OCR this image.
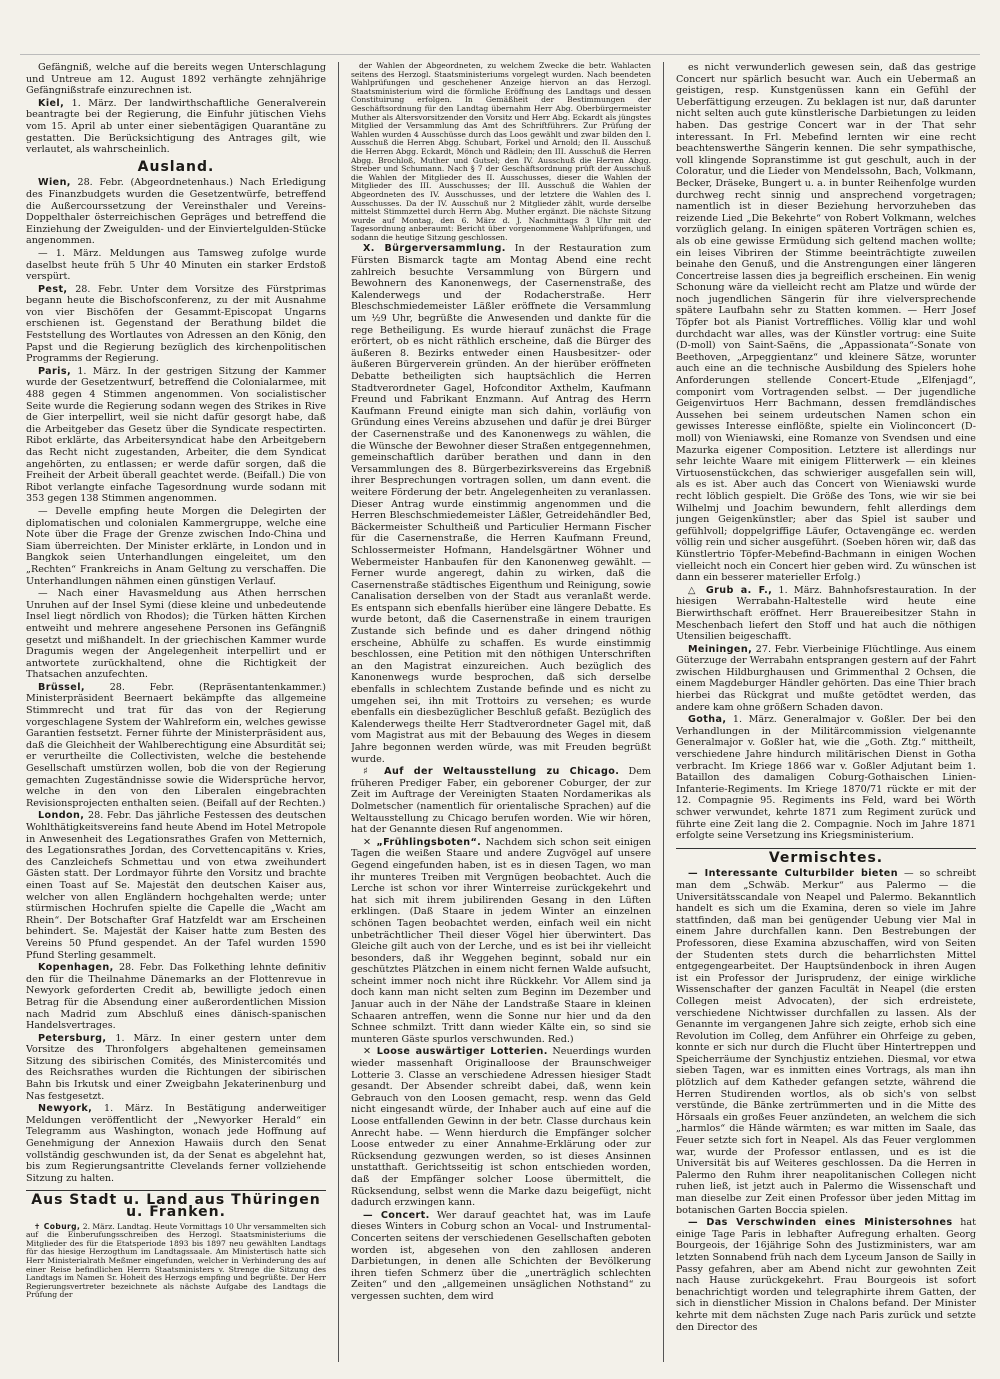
Gefängniß, welche auf die bereits wegen Unterschlagung und Untreue am 12. August 1892 verhängte zehnjährige Gefängnißstrafe einzurechnen ist.

Kiel, 1. März. Der landwirthschaftliche Generalverein beantragte bei der Regierung, die Einfuhr jütischen Viehs vom 15. April ab unter einer siebentägigen Quarantäne zu gestatten. Die Berücksichtigung des Antrages gilt, wie verlautet, als wahrscheinlich.

Ausland.

Wien, 28. Febr. (Abgeordnetenhaus.) Nach Erledigung des Finanzbudgets wurden die Gesetzentwürfe, betreffend die Außercourssetzung der Vereinsthaler und Vereins-Doppelthaler österreichischen Gepräges und betreffend die Einziehung der Zweigulden- und der Einviertelgulden-Stücke angenommen.

— 1. März. Meldungen aus Tamsweg zufolge wurde daselbst heute früh 5 Uhr 40 Minuten ein starker Erdstoß verspürt.

Pest, 28. Febr. Unter dem Vorsitze des Fürstprimas begann heute die Bischofsconferenz, zu der mit Ausnahme von vier Bischöfen der Gesammt-Episcopat Ungarns erschienen ist. Gegenstand der Berathung bildet die Feststellung des Wortlautes von Adressen an den König, den Papst und die Regierung bezüglich des kirchenpolitischen Programms der Regierung.

Paris, 1. März. In der gestrigen Sitzung der Kammer wurde der Gesetzentwurf, betreffend die Colonialarmee, mit 488 gegen 4 Stimmen angenommen. Von socialistischer Seite wurde die Regierung sodann wegen des Strikes in Rive de Gier interpellirt, weil sie nicht dafür gesorgt habe, daß die Arbeitgeber das Gesetz über die Syndicate respectirten. Ribot erklärte, das Arbeitersyndicat habe den Arbeitgebern das Recht nicht zugestanden, Arbeiter, die dem Syndicat angehörten, zu entlassen; er werde dafür sorgen, daß die Freiheit der Arbeit überall geachtet werde. (Beifall.) Die von Ribot verlangte einfache Tagesordnung wurde sodann mit 353 gegen 138 Stimmen angenommen.

— Develle empfing heute Morgen die Delegirten der diplomatischen und colonialen Kammergruppe, welche eine Note über die Frage der Grenze zwischen Indo-China und Siam überreichten. Der Minister erklärte, in London und in Bangkok seien Unterhandlungen eingeleitet, um den „Rechten“ Frankreichs in Anam Geltung zu verschaffen. Die Unterhandlungen nähmen einen günstigen Verlauf.

— Nach einer Havasmeldung aus Athen herrschen Unruhen auf der Insel Symi (diese kleine und unbedeutende Insel liegt nördlich von Rhodos); die Türken hätten Kirchen entweiht und mehrere angesehene Personen ins Gefängniß gesetzt und mißhandelt. In der griechischen Kammer wurde Dragumis wegen der Angelegenheit interpellirt und er antwortete zurückhaltend, ohne die Richtigkeit der Thatsachen anzufechten.

Brüssel,	28. Febr. (Repräsentantenkammer.) Ministerpräsident Beernaert bekämpfte das allgemeine Stimmrecht und trat für das von der Regierung vorgeschlagene System der Wahlreform ein, welches gewisse Garantien festsetzt. Ferner führte der Ministerpräsident aus, daß die Gleichheit der Wahlberechtigung eine Absurdität sei; er verurtheilte die Collectivisten, welche die bestehende Gesellschaft umstürzen wollen, bob die von der Regierung gemachten Zugeständnisse sowie die Widersprüche hervor, welche in den von den Liberalen eingebrachten Revisionsprojecten enthalten seien. (Beifall auf der Rechten.)

London, 28. Febr. Das jährliche Festessen des deutschen Wohlthätigkeitsvereins fand heute Abend im Hotel Metropole in Anwesenheit des Legationsrathes Grafen von Metternich, des Legationsrathes Jordan, des Corvettencapitäns v. Kries, des Canzleichefs Schmettau und von etwa zweihundert Gästen statt. Der Lordmayor führte den Vorsitz und brachte einen Toast auf Se. Majestät den deutschen Kaiser aus, welcher von allen Engländern hochgehalten werde; unter stürmischen Hochrufen spielte die Capelle die „Wacht am Rhein“. Der Botschafter Graf Hatzfeldt war am Erscheinen behindert. Se. Majestät der Kaiser hatte zum Besten des Vereins 50 Pfund gespendet. An der Tafel wurden 1590 Pfund Sterling gesammelt.

Kopenhagen, 28. Febr. Das Folkething lehnte definitiv den für die Theilnahme Dänemarks an der Flottenrevue in Newyork geforderten Credit ab, bewilligte jedoch einen Betrag für die Absendung einer außerordentlichen Mission nach Madrid zum Abschluß eines dänisch-spanischen Handelsvertrages.

Petersburg, 1. März. In einer gestern unter dem Vorsitze des Thronfolgers abgehaltenen gemeinsamen Sitzung des sibirischen Comités, des Ministercomités und des Reichsrathes wurden die Richtungen der sibirischen Bahn bis Irkutsk und einer Zweigbahn Jekaterinenburg und Nas festgesetzt.

Newyork, 1. März. In Bestätigung anderweitiger Meldungen veröffentlicht der „Newyorker Herald“ ein Telegramm aus Washington, wonach jede Hoffnung auf Genehmigung der Annexion Hawaiis durch den Senat vollständig geschwunden ist, da der Senat es abgelehnt hat, bis zum Regierungsantritte Clevelands ferner vollziehende Sitzung zu halten.

Aus Stadt u. Land aus Thüringen u. Franken.

✝ Coburg, 2. März. Landtag. Heute Vormittags 10 Uhr versammelten sich auf die Einberufungsschreiben des Herzogl. Staatsministeriums die Mitglieder des für die Etatsperiode 1893 bis 1897 neu gewählten Landtags für das hiesige Herzogthum im Landtagssaale. Am Ministertisch hatte sich Herr Ministerialrath Meßmer eingefunden, welcher in Verhinderung des auf einer Reise befindlichen Herrn Staatsministers v. Strenge die Sitzung des Landtags im Namen Sr. Hoheit des Herzogs empfing und begrüßte. Der Herr Regierungsvertreter bezeichnete als nächste Aufgabe des Landtags die Prüfung der

der Wahlen der Abgeordneten, zu welchem Zwecke die betr. Wahlacten seitens des Herzogl. Staatsministeriums vorgelegt wurden. Nach beendeten Wahlprüfungen und geschehener Anzeige hiervon an das Herzogl. Staatsministerium wird die förmliche Eröffnung des Landtags und dessen Constituirung erfolgen. In Gemäßheit der Bestimmungen der Geschäftsordnung für den Landtag übernahm Herr Abg. Oberbürgermeister Muther als Altersvorsitzender den Vorsitz und Herr Abg. Eckardt als jüngstes Mitglied der Versammlung das Amt des Schriftführers. Zur Prüfung der Wahlen wurden 4 Ausschüsse durch das Loos gewählt und zwar bilden den I. Ausschuß die Herren Abgg. Schubart, Forkel und Arnold; den II. Ausschuß die Herren Abgg. Eckardt, Mönch und Rädlein; den III. Ausschuß die Herren Abgg. Brochloß, Muther und Gutsel; den IV. Ausschuß die Herren Abgg. Streber und Schumann. Nach § 7 der Geschäftsordnung prüft der Ausschuß die Wahlen der Mitglieder des II. Ausschusses, dieser die Wahlen der Mitglieder des III. Ausschusses; der III. Ausschuß die Wahlen der Abgeordneten des IV. Ausschusses, und der letztere die Wahlen des I. Ausschusses. Da der IV. Ausschuß nur 2 Mitglieder zählt, wurde derselbe mittelst Stimmzettel durch Herrn Abg. Muther ergänzt. Die nächste Sitzung wurde auf Montag, den 6. März d. J. Nachmittags 3 Uhr mit der Tagesordnung anberaumt: Bericht über vorgenommene Wahlprüfungen, und sodann die heutige Sitzung geschlossen.

X. Bürgerversammlung. In der Restauration zum Fürsten Bismarck tagte am Montag Abend eine recht zahlreich besuchte Versammlung von Bürgern und Bewohnern des Kanonenwegs, der Casernenstraße, des Kalenderwegs und der Rodacherstraße. Herr Bleschschmiedemeister Läßler eröffnete die Versammlung um ½9 Uhr, begrüßte die Anwesenden und dankte für die rege Betheiligung. Es wurde hierauf zunächst die Frage erörtert, ob es nicht räthlich erscheine, daß die Bürger des äußeren 8. Bezirks entweder einen Hausbesitzer- oder äußeren Bürgerverein gründen. An der hierüber eröffneten Debatte betheiligten sich hauptsächlich die Herren Stadtverordneter Gagel, Hofconditor Axthelm, Kaufmann Freund und Fabrikant Enzmann. Auf Antrag des Herrn Kaufmann Freund einigte man sich dahin, vorläufig von Gründung eines Vereins abzusehen und dafür je drei Bürger der Casernenstraße und des Kanonenwegs zu wählen, die die Wünsche der Bewohner dieser Straßen entgegennehmen, gemeinschaftlich darüber berathen und dann in den Versammlungen des 8. Bürgerbezirksvereins das Ergebniß ihrer Besprechungen vortragen sollen, um dann event. die weitere Förderung der betr. Angelegenheiten zu veranlassen. Dieser Antrag wurde einstimmig angenommen und die Herren Bleschschmiedemeister Läßler, Getreidehändler Bed, Bäckermeister Schultheiß und Particulier Hermann Fischer für die Casernenstraße, die Herren Kaufmann Freund, Schlossermeister Hofmann, Handelsgärtner Wöhner und Webermeister Hanbaufen für den Kanonenweg gewählt. — Ferner wurde angeregt, dahin zu wirken, daß die Casernenstraße städtisches Eigenthum und Reinigung, sowie Canalisation derselben von der Stadt aus veranlaßt werde. Es entspann sich ebenfalls hierüber eine längere Debatte. Es wurde betont, daß die Casernenstraße in einem traurigen Zustande sich befinde und es daher dringend nöthig erscheine, Abhülfe zu schaffen. Es wurde einstimmig beschlossen, eine Petition mit den nöthigen Unterschriften an den Magistrat einzureichen. Auch bezüglich des Kanonenwegs wurde besprochen, daß sich derselbe ebenfalls in schlechtem Zustande befinde und es nicht zu umgehen sei, ihn mit Trottoirs zu versehen; es wurde ebenfalls ein diesbezüglicher Beschluß gefaßt. Bezüglich des Kalenderwegs theilte Herr Stadtverordneter Gagel mit, daß vom Magistrat aus mit der Bebauung des Weges in diesem Jahre begonnen werden würde, was mit Freuden begrüßt wurde.

♯ Auf der Weltausstellung zu Chicago. Dem früheren Prediger Faber, ein geborener Coburger, der zur Zeit im Auftrage der Vereinigten Staaten Nordamerikas als Dolmetscher (namentlich für orientalische Sprachen) auf die Weltausstellung zu Chicago berufen worden. Wie wir hören, hat der Genannte diesen Ruf angenommen.

✕ „Frühlingsboten“. Nachdem sich schon seit einigen Tagen die weißen Staare und andere Zugvögel auf unsere Gegend eingefunden haben, ist es in diesen Tagen, wo man ihr munteres Treiben mit Vergnügen beobachtet. Auch die Lerche ist schon vor ihrer Winterreise zurückgekehrt und hat sich mit ihrem jubilirenden Gesang in den Lüften erklingen. (Daß Staare in jedem Winter an einzelnen schönen Tagen beobachtet werden, einfach weil ein nicht unbeträchtlicher Theil dieser Vögel hier überwintert. Das Gleiche gilt auch von der Lerche, und es ist bei ihr vielleicht besonders, daß ihr Weggehen beginnt, sobald nur ein geschütztes Plätzchen in einem nicht fernen Walde aufsucht, scheint immer noch nicht ihre Rückkehr. Vor Allem sind ja doch kann man nicht selten zum Beginn im Dezember und Januar auch in der Nähe der Landstraße Staare in kleinen Schaaren antreffen, wenn die Sonne nur hier und da den Schnee schmilzt. Tritt dann wieder Kälte ein, so sind sie munteren Gäste spurlos verschwunden. Red.)

✕ Loose auswärtiger Lotterien. Neuerdings wurden wieder massenhaft Originalloose der Braunschweiger Lotterie 3. Classe an verschiedene Adressen hiesiger Stadt gesandt. Der Absender schreibt dabei, daß, wenn kein Gebrauch von den Loosen gemacht, resp. wenn das Geld nicht eingesandt würde, der Inhaber auch auf eine auf die Loose entfallenden Gewinn in der betr. Classe durchaus kein Anrecht habe. — Wenn hierdurch die Empfänger solcher Loose entweder zu einer Annahme-Erklärung oder zur Rücksendung gezwungen werden, so ist dieses Ansinnen unstatthaft. Gerichtsseitig ist schon entschieden worden, daß der Empfänger solcher Loose übermittelt, die Rücksendung, selbst wenn die Marke dazu beigefügt, nicht dadurch erzwingen kann.

— Concert. Wer darauf geachtet hat, was im Laufe dieses Winters in Coburg schon an Vocal- und Instrumental-Concerten seitens der verschiedenen Gesellschaften geboten worden ist, abgesehen von den zahllosen anderen Darbietungen, in denen alle Schichten der Bevölkerung ihren tiefen Schmerz über die „unerträglich schlechten Zeiten“ und den „allgemeinen unsäglichen Nothstand“ zu vergessen suchten, dem wird

es nicht verwunderlich gewesen sein, daß das gestrige Concert nur spärlich besucht war. Auch ein Uebermaß an geistigen, resp. Kunstgenüssen kann ein Gefühl der Ueberfättigung erzeugen. Zu beklagen ist nur, daß darunter nicht selten auch gute künstlerische Darbietungen zu leiden haben. Das gestrige Concert war in der That sehr interessant. In Frl. Mebefind lernten wir eine recht beachtenswerthe Sängerin kennen. Die sehr sympathische, voll klingende Sopranstimme ist gut geschult, auch in der Coloratur, und die Lieder von Mendelssohn, Bach, Volkmann, Becker, Dräseke, Bungert u. a. in bunter Reihenfolge wurden durchweg recht sinnig und ansprechend vorgetragen; namentlich ist in dieser Beziehung hervorzuheben das reizende Lied „Die Bekehrte“ von Robert Volkmann, welches vorzüglich gelang. In einigen späteren Vorträgen schien es, als ob eine gewisse Ermüdung sich geltend machen wollte; ein leises Vibriren der Stimme beeinträchtigte zuweilen beinahe den Genuß, und die Anstrengungen einer längeren Concertreise lassen dies ja begreiflich erscheinen. Ein wenig Schonung wäre da vielleicht recht am Platze und würde der noch jugendlichen Sängerin für ihre vielversprechende spätere Laufbahn sehr zu Statten kommen. — Herr Josef Töpfer bot als Pianist Vortreffliches. Völlig klar und wohl durchdacht war alles, was der Künstler vortrug: eine Suite (D-moll) von Saint-Saëns, die „Appassionata“-Sonate von Beethoven, „Arpeggientanz“ und kleinere Sätze, worunter auch eine an die technische Ausbildung des Spielers hohe Anforderungen stellende Concert-Etude „Elfenjagd“, componirt vom Vortragenden selbst. — Der jugendliche Geigenvirtuos Herr Bachmann, dessen fremdländisches Aussehen bei seinem urdeutschen Namen schon ein gewisses Interesse einflößte, spielte ein Violinconcert (D-moll) von Wieniawski, eine Romanze von Svendsen und eine Mazurka eigener Composition. Letztere ist allerdings nur sehr leichte Waare mit einigem Flitterwerk — ein kleines Virtuosenstückchen, das schwieriger ausgefallen sein will, als es ist. Aber auch das Concert von Wieniawski wurde recht löblich gespielt. Die Größe des Tons, wie wir sie bei Wilhelmj und Joachim bewundern, fehlt allerdings dem jungen Geigenkünstler; aber das Spiel ist sauber und gefühlvoll; doppelgriffige Läufer, Octavengänge ec. werden völlig rein und sicher ausgeführt. (Soeben hören wir, daß das Künstlertrio Töpfer-Mebefind-Bachmann in einigen Wochen vielleicht noch ein Concert hier geben wird. Zu wünschen ist dann ein besserer materieller Erfolg.)

△ Grub a. F., 1. März. Bahnhofsrestauration. In der hiesigen Werrabahn-Haltestelle wird heute eine Bierwirthschaft eröffnet. Herr Brauereibesitzer Stahn in Meschenbach liefert den Stoff und hat auch die nöthigen Utensilien beigeschafft.

Meiningen, 27. Febr. Vierbeinige Flüchtlinge. Aus einem Güterzuge der Werrabahn entsprangen gestern auf der Fahrt zwischen Hildburghausen und Grimmenthal 2 Ochsen, die einem Magdeburger Händler gehörten. Das eine Thier brach hierbei das Rückgrat und mußte getödtet werden, das andere kam ohne größern Schaden davon.

Gotha, 1. März. Generalmajor v. Goßler. Der bei den Verhandlungen in der Militärcommission vielgenannte Generalmajor v. Goßler hat, wie die „Goth. Ztg.“ mittheilt, verschiedene Jahre hindurch militärischen Dienst in Gotha verbracht. Im Kriege 1866 war v. Goßler Adjutant beim 1. Bataillon des damaligen Coburg-Gothaischen Linien-Infanterie-Regiments. Im Kriege 1870/71 rückte er mit der 12. Compagnie 95. Regiments ins Feld, ward bei Wörth schwer verwundet, kehrte 1871 zum Regiment zurück und führte eine Zeit lang die 2. Compagnie. Noch im Jahre 1871 erfolgte seine Versetzung ins Kriegsministerium.

Vermischtes.

— Interessante Culturbilder bieten — so schreibt man dem „Schwäb. Merkur“ aus Palermo — die Universitätsscandale von Neapel und Palermo. Bekanntlich handelt es sich um die Examina, deren so viele im Jahre stattfinden, daß man bei genügender Uebung vier Mal in einem Jahre durchfallen kann. Den Bestrebungen der Professoren, diese Examina abzuschaffen, wird von Seiten der Studenten stets durch die beharrlichsten Mittel entgegengearbeitet. Der Hauptsündenbock in ihren Augen ist ein Professor der Jurisprudenz, der einige wirkliche Wissenschafter der ganzen Facultät in Neapel (die ersten Collegen meist Advocaten), der sich erdreistete, verschiedene Nichtwisser durchfallen zu lassen. Als der Genannte im vergangenen Jahre sich zeigte, erhob sich eine Revolution im Colleg, dem Anführer ein Ohrfeige zu geben, konnte er sich nur durch die Flucht über Hintertreppen und Speicherräume der Synchjustiz entziehen. Diesmal, vor etwa sieben Tagen, war es inmitten eines Vortrags, als man ihn plötzlich auf dem Katheder gefangen setzte, während die Herren Studirenden wortlos, als ob sich's von selbst verstünde, die Bänke zertrümmerten und in die Mitte des Hörsaals ein großes Feuer anzündeten, an welchem die sich „harmlos“ die Hände wärmten; es war mitten im Saale, das Feuer setzte sich fort in Neapel. Als das Feuer verglommen war, wurde der Professor entlassen, und es ist die Universität bis auf Weiteres geschlossen. Da die Herren in Palermo den Ruhm ihrer neapolitanischen Collegen nicht ruhen ließ, ist jetzt auch in Palermo die Wissenschaft und man dieselbe zur Zeit einen Professor über jeden Mittag im botanischen Garten Boccia spielen.

— Das Verschwinden eines Ministersohnes hat einige Tage Paris in lebhafter Aufregung erhalten. Georg Bourgeois, der 16jährige Sohn des Justizministers, war am letzten Sonnabend früh nach dem Lyceum Janson de Sailly in Passy gefahren, aber am Abend nicht zur gewohnten Zeit nach Hause zurückgekehrt. Frau Bourgeois ist sofort benachrichtigt worden und telegraphirte ihrem Gatten, der sich in dienstlicher Mission in Chalons befand. Der Minister kehrte mit dem nächsten Zuge nach Paris zurück und setzte den Director des
